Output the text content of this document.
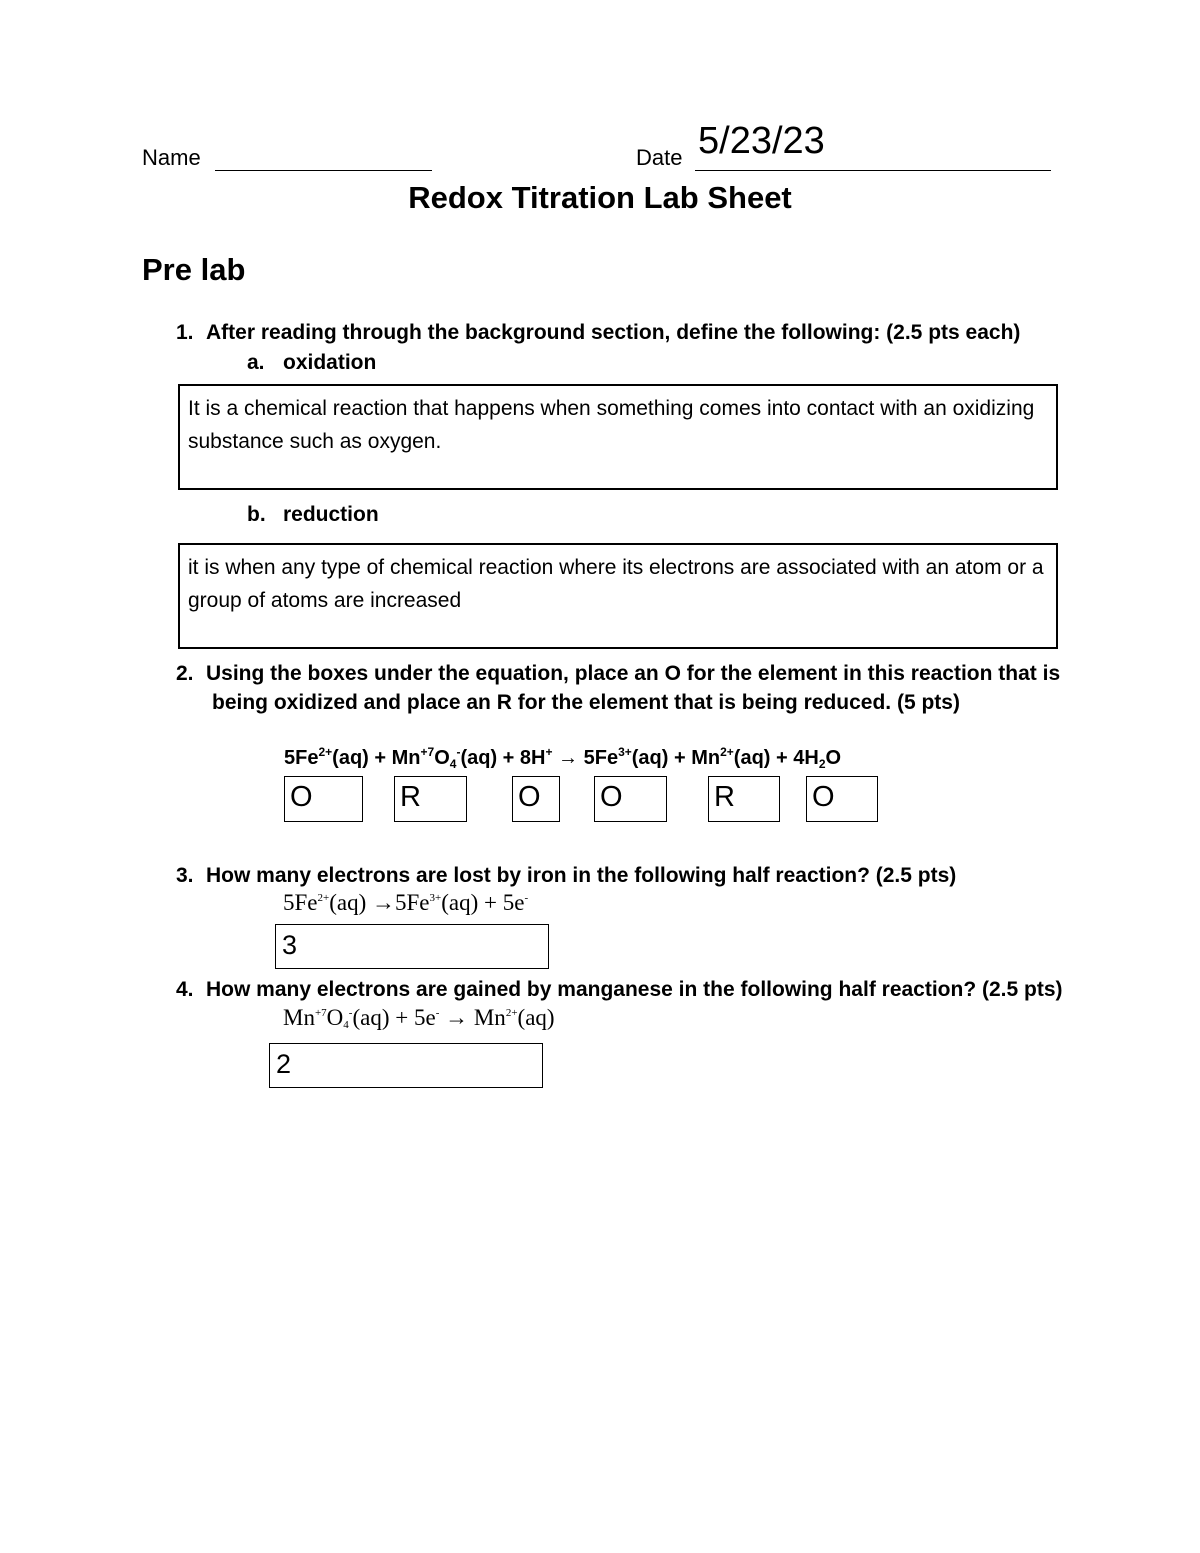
Name	Date 5/23/23
Redox Titration Lab Sheet
Pre lab
1. After reading through the background section, define the following: (2.5 pts each)
a. oxidation
It is a chemical reaction that happens when something comes into contact with an oxidizing substance such as oxygen.
b. reduction
it is when any type of chemical reaction where its electrons are associated with an atom or a group of atoms are increased
2. Using the boxes under the equation, place an O for the element in this reaction that is
being oxidized and place an R for the element that is being reduced. (5 pts)
$5Fe^{2+}(aq) + Mn^{+7}O_4^-(aq) + 8H^+ \to 5Fe^{3+}(aq) + Mn^{2+}(aq) + 4H_2O$
O	R	O	O	R	O
3. How many electrons are lost by iron in the following half reaction? (2.5 pts)
$5Fe^{2+}(aq) \to 5Fe^{3+}(aq) + 5e^-$
3
4. How many electrons are gained by manganese in the following half reaction? (2.5 pts)
$Mn^{+7}O_4^-(aq) + 5e^- \to Mn^{2+}(aq)$
2
